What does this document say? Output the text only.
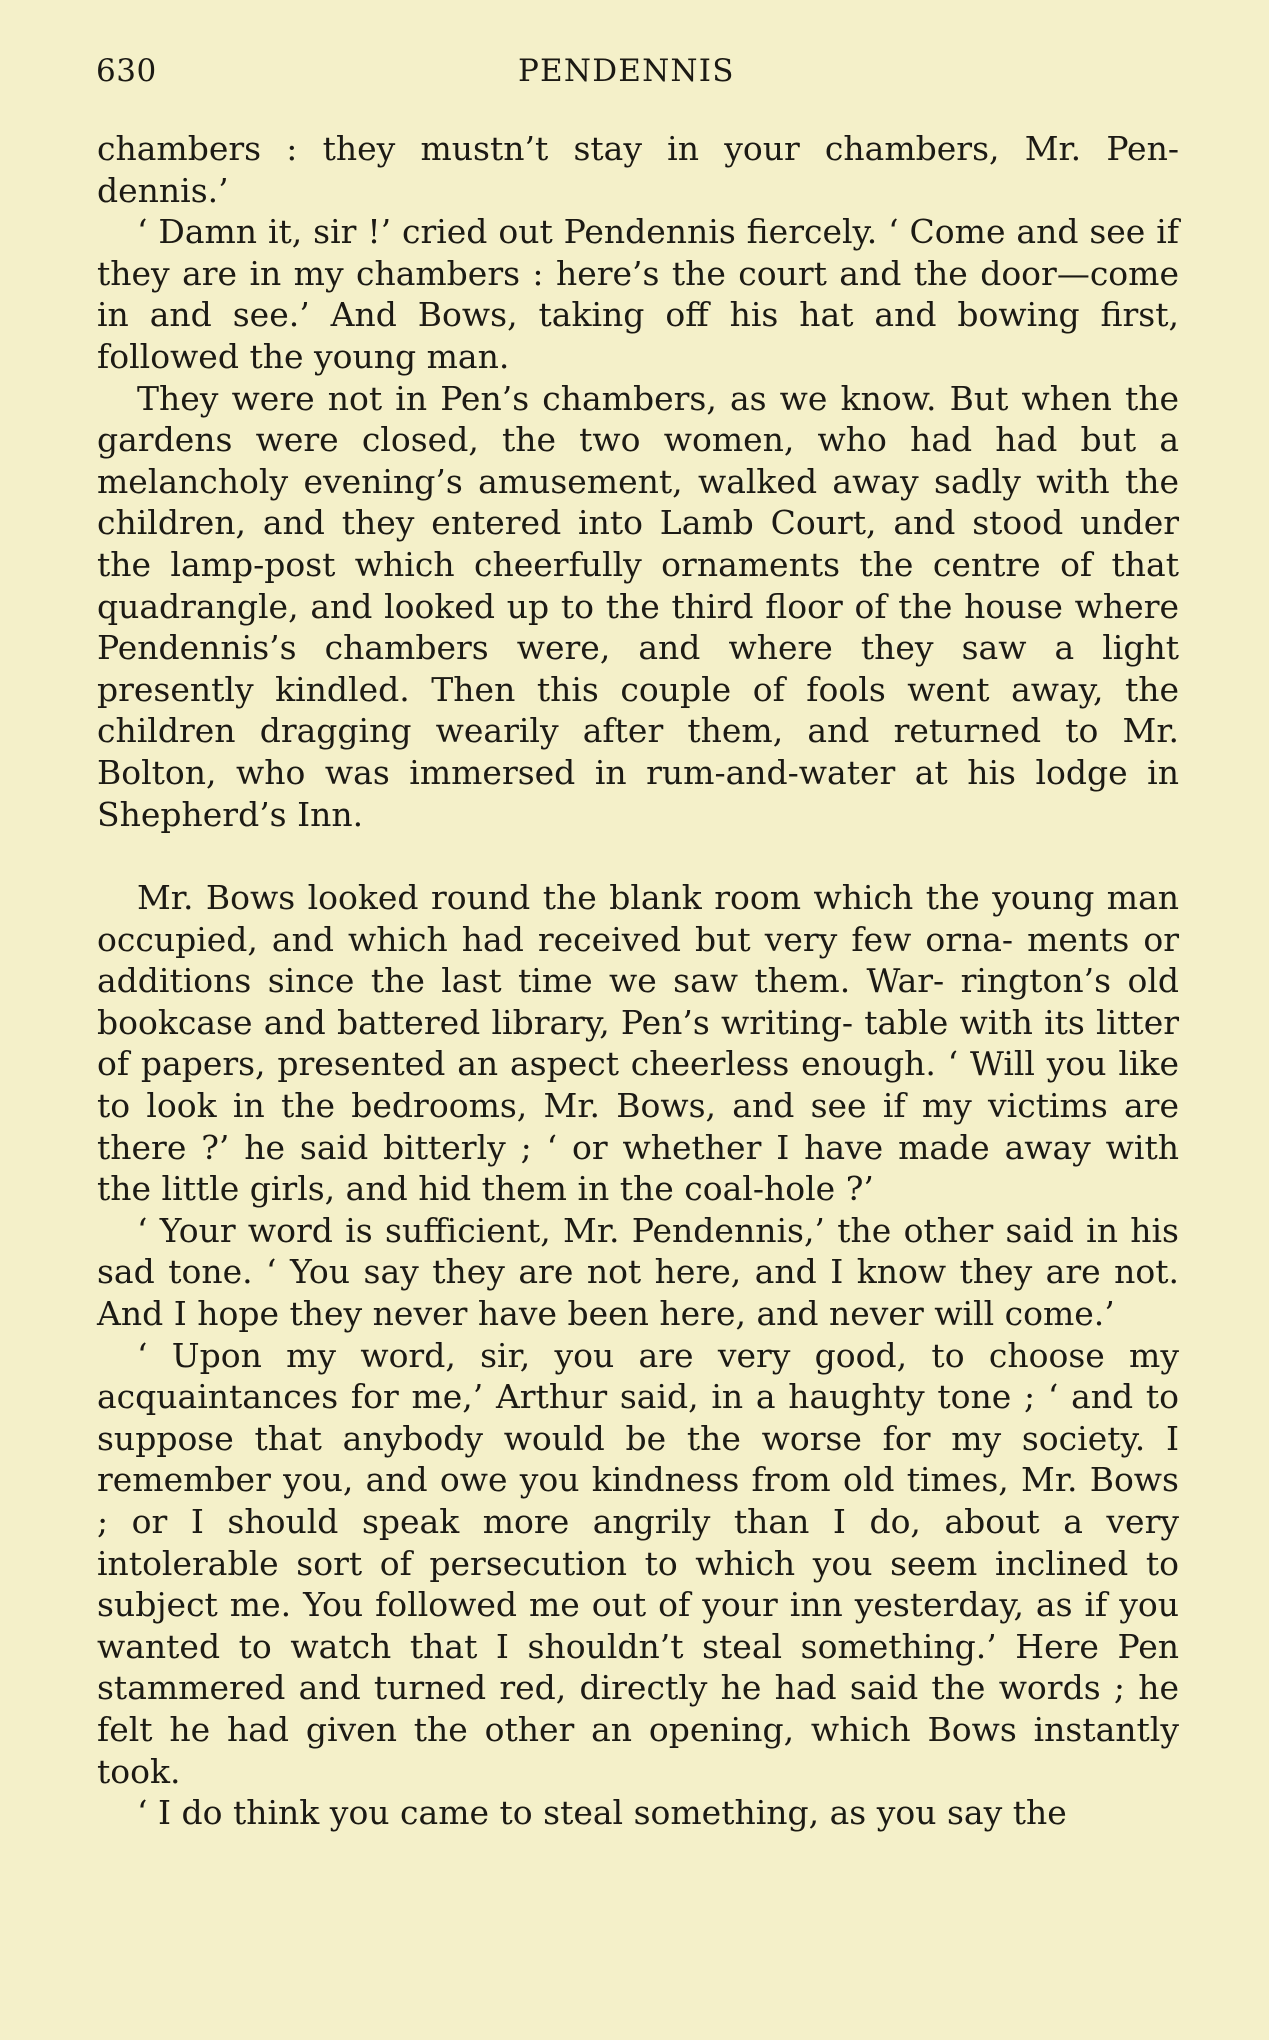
630	PENDENNIS

chambers : they mustn’t stay in your chambers, Mr. Pen- dennis.’

‘ Damn it, sir !’ cried out Pendennis fiercely. ‘ Come and see if they are in my chambers : here’s the court and the door—come in and see.’ And Bows, taking off his hat and bowing first, followed the young man.

They were not in Pen’s chambers, as we know. But when the gardens were closed, the two women, who had had but a melancholy evening’s amusement, walked away sadly with the children, and they entered into Lamb Court, and stood under the lamp-post which cheerfully ornaments the centre of that quadrangle, and looked up to the third floor of the house where Pendennis’s chambers were, and where they saw a light presently kindled. Then this couple of fools went away, the children dragging wearily after them, and returned to Mr. Bolton, who was immersed in rum-and-water at his lodge in Shepherd’s Inn.

Mr. Bows looked round the blank room which the young man occupied, and which had received but very few orna- ments or additions since the last time we saw them. War- rington’s old bookcase and battered library, Pen’s writing- table with its litter of papers, presented an aspect cheerless enough. ‘ Will you like to look in the bedrooms, Mr. Bows, and see if my victims are there ?’ he said bitterly ; ‘ or whether I have made away with the little girls, and hid them in the coal-hole ?’

‘ Your word is sufficient, Mr. Pendennis,’ the other said in his sad tone. ‘ You say they are not here, and I know they are not. And I hope they never have been here, and never will come.’

‘ Upon my word, sir, you are very good, to choose my acquaintances for me,’ Arthur said, in a haughty tone ; ‘ and to suppose that anybody would be the worse for my society. I remember you, and owe you kindness from old times, Mr. Bows ; or I should speak more angrily than I do, about a very intolerable sort of persecution to which you seem inclined to subject me. You followed me out of your inn yesterday, as if you wanted to watch that I shouldn’t steal something.’ Here Pen stammered and turned red, directly he had said the words ; he felt he had given the other an opening, which Bows instantly took.

‘ I do think you came to steal something, as you say the
